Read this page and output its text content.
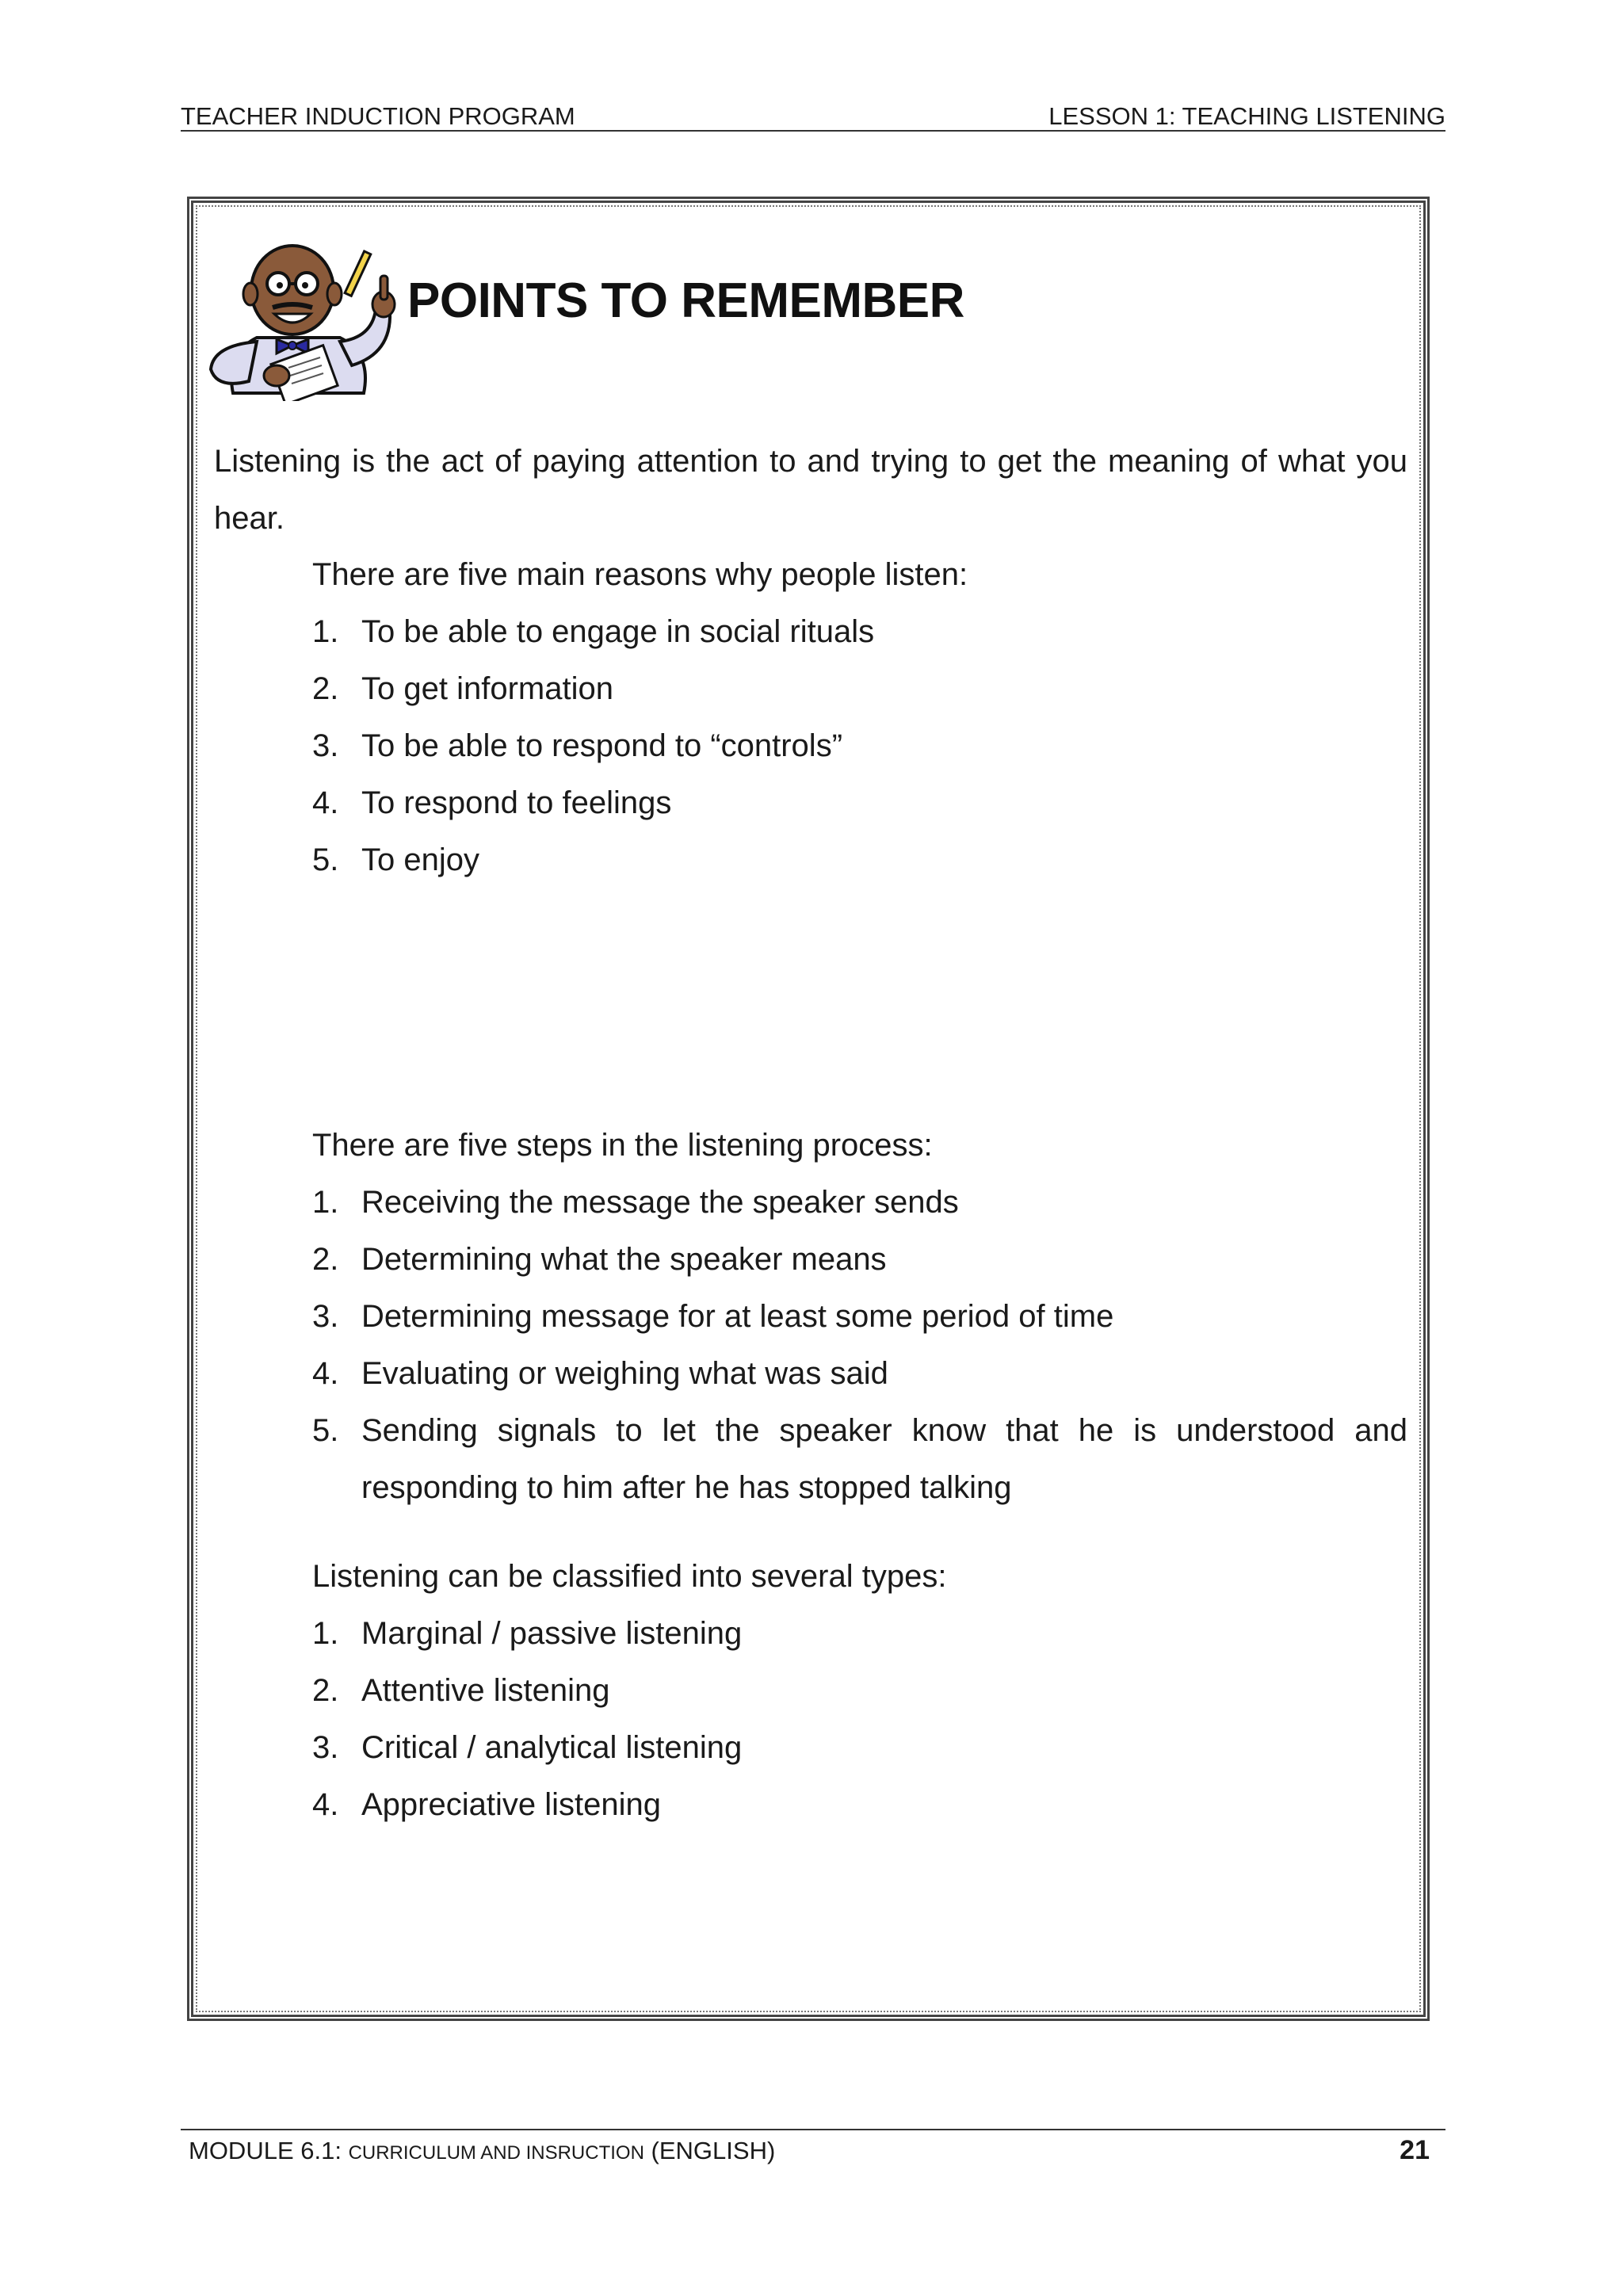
TEACHER INDUCTION PROGRAM	LESSON 1: TEACHING LISTENING
POINTS TO REMEMBER

Listening is the act of paying attention to and trying to get the meaning of what you hear.

There are five main reasons why people listen:

1. To be able to engage in social rituals
2. To get information
3. To be able to respond to “controls”
4. To respond to feelings
5. To enjoy

There are five steps in the listening process:

1. Receiving the message the speaker sends
2. Determining what the speaker means
3. Determining message for at least some period of time
4. Evaluating or weighing what was said
5. Sending signals to let the speaker know that he is understood and responding to him after he has stopped talking

Listening can be classified into several types:

1. Marginal / passive listening
2. Attentive listening
3. Critical / analytical listening
4. Appreciative listening
MODULE 6.1: CURRICULUM AND INSRUCTION (ENGLISH)	21
